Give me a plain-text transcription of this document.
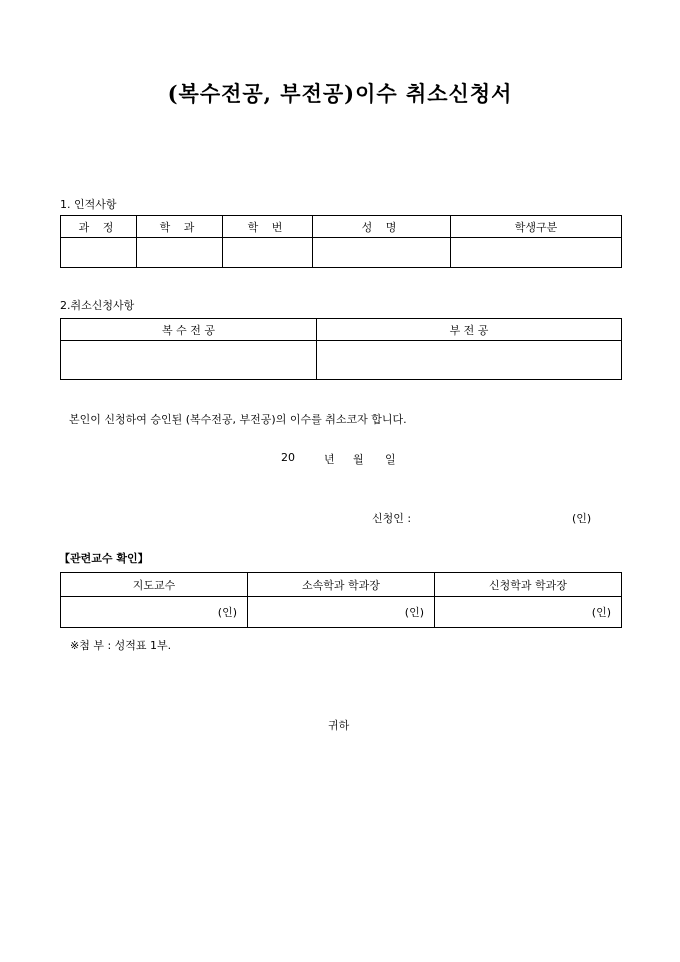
(복수전공, 부전공)이수 취소신청서
1. 인적사항
과 정	학 과	학 번	성 명	학생구분

2.취소신청사항
복 수 전 공	부 전 공

본인이 신청하여 승인된 (복수전공, 부전공)의 이수를 취소코자 합니다.
20	년 월 일
신청인 :	(인)
【관련교수 확인】
지도교수	소속학과 학과장	신청학과 학과장
(인)	(인)	(인)
※첨 부 : 성적표 1부.
귀하
